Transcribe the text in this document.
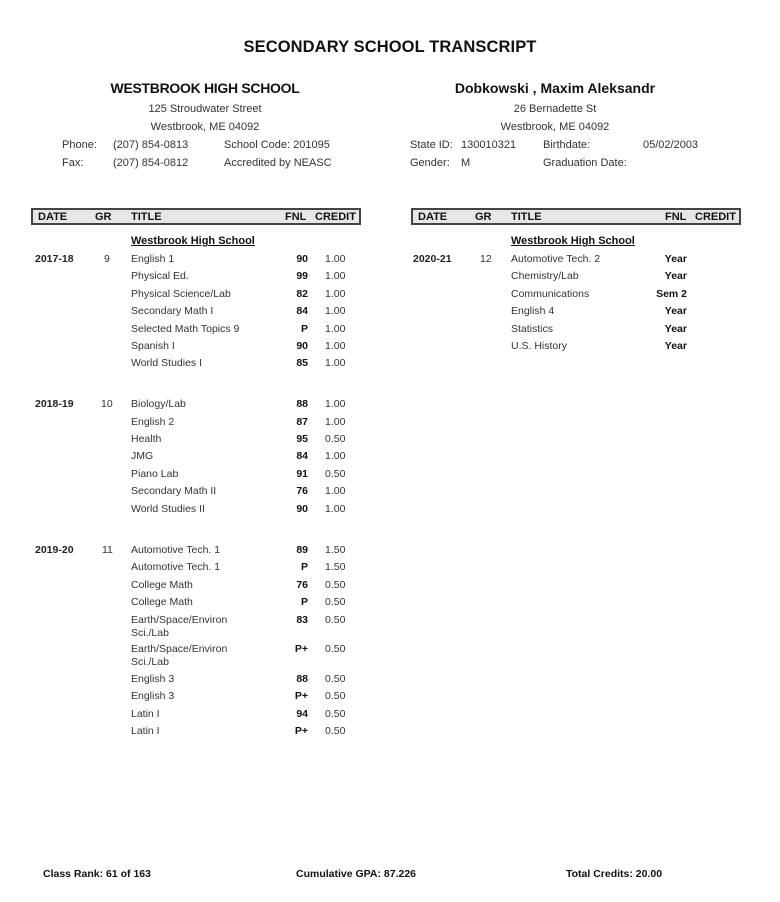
SECONDARY SCHOOL TRANSCRIPT
WESTBROOK HIGH SCHOOL
125 Stroudwater Street
Westbrook, ME 04092
Phone: (207) 854-0813	School Code: 201095
Fax:	(207) 854-0812	Accredited by NEASC
Dobkowski , Maxim Aleksandr
26 Bernadette St
Westbrook, ME 04092
State ID: 130010321 Birthdate:	05/02/2003
Gender: M	Graduation Date:
DATE	GR TITLE	FNL CREDIT	DATE	GR TITLE	FNL CREDIT
Westbrook High School
2017-18	9 English 1	90 1.00
Physical Ed.	99 1.00
Physical Science/Lab	82 1.00
Secondary Math I	84 1.00
Selected Math Topics 9	P 1.00
Spanish I	90 1.00
World Studies I	85 1.00
2018-19	10 Biology/Lab	88 1.00
English 2	87 1.00
Health	95 0.50
JMG	84 1.00
Piano Lab	91 0.50
Secondary Math II	76 1.00
World Studies II	90 1.00
2019-20	11 Automotive Tech. 1	89 1.50
Automotive Tech. 1	P 1.50
College Math	76 0.50
College Math	P 0.50
Earth/Space/Environ Sci./Lab
83 0.50
Earth/Space/Environ Sci./Lab
P+ 0.50
English 3	88 0.50
English 3	P+ 0.50
Latin I	94 0.50
Latin I	P+ 0.50
Westbrook High School
2020-21	12 Automotive Tech. 2	Year
Chemistry/Lab	Year
Communications	Sem 2
English 4	Year
Statistics	Year
U.S. History	Year
Class Rank: 61 of 163	Cumulative GPA: 87.226	Total Credits: 20.00
